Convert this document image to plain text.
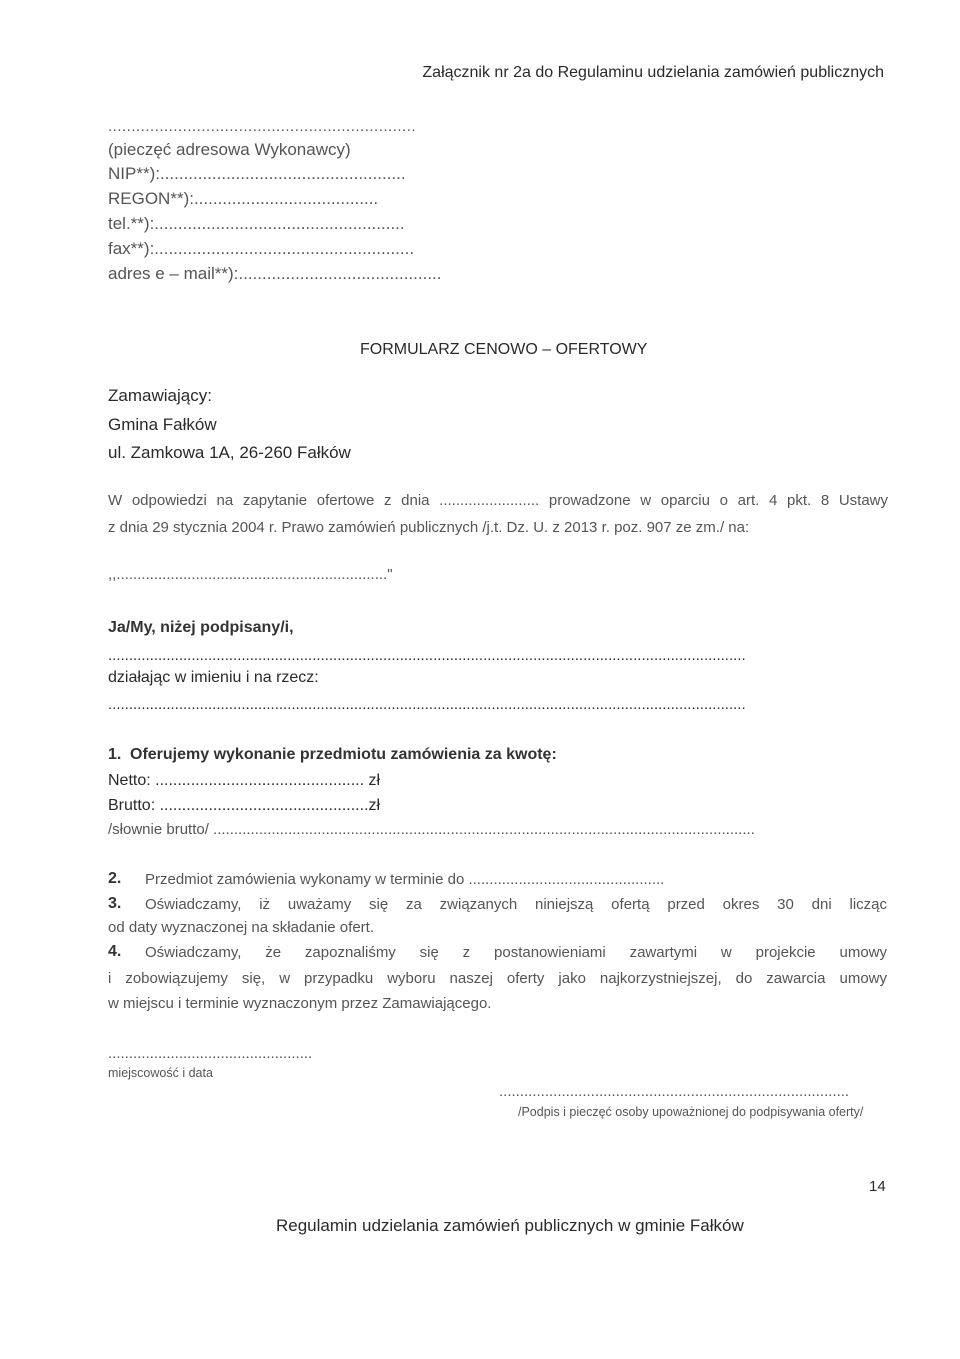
Załącznik nr 2a do Regulaminu udzielania zamówień publicznych
..................................................................
(pieczęć adresowa Wykonawcy)
NIP**):....................................................
REGON**):.......................................
tel.**):.....................................................
fax**):.......................................................
adres e – mail**):...........................................
FORMULARZ CENOWO – OFERTOWY
Zamawiający:
Gmina Fałków
ul. Zamkowa 1A, 26-260 Fałków
W odpowiedzi na zapytanie ofertowe z dnia ........................ prowadzone w oparciu o art. 4 pkt. 8 Ustawy
z dnia 29 stycznia 2004 r. Prawo zamówień publicznych /j.t. Dz. U. z 2013 r. poz. 907 ze zm./ na:
,,................................................................."
Ja/My, niżej podpisany/i,
.........................................................................................................................................................
działając w imieniu i na rzecz:
.........................................................................................................................................................
1. Oferujemy wykonanie przedmiotu zamówienia za kwotę:
Netto: ............................................... zł
Brutto: ...............................................zł
/słownie brutto/ ..................................................................................................................................
2. Przedmiot zamówienia wykonamy w terminie do ...............................................
3. Oświadczamy, iż uważamy się za związanych niniejszą ofertą przed okres 30 dni licząc
od daty wyznaczonej na składanie ofert.
4. Oświadczamy, że zapoznaliśmy się z postanowieniami zawartymi w projekcie umowy
i zobowiązujemy się, w przypadku wyboru naszej oferty jako najkorzystniejszej, do zawarcia umowy
w miejscu i terminie wyznaczonym przez Zamawiającego.
.................................................
miejscowość i data
....................................................................................
/Podpis i pieczęć osoby upoważnionej do podpisywania oferty/
14
Regulamin udzielania zamówień publicznych w gminie Fałków
